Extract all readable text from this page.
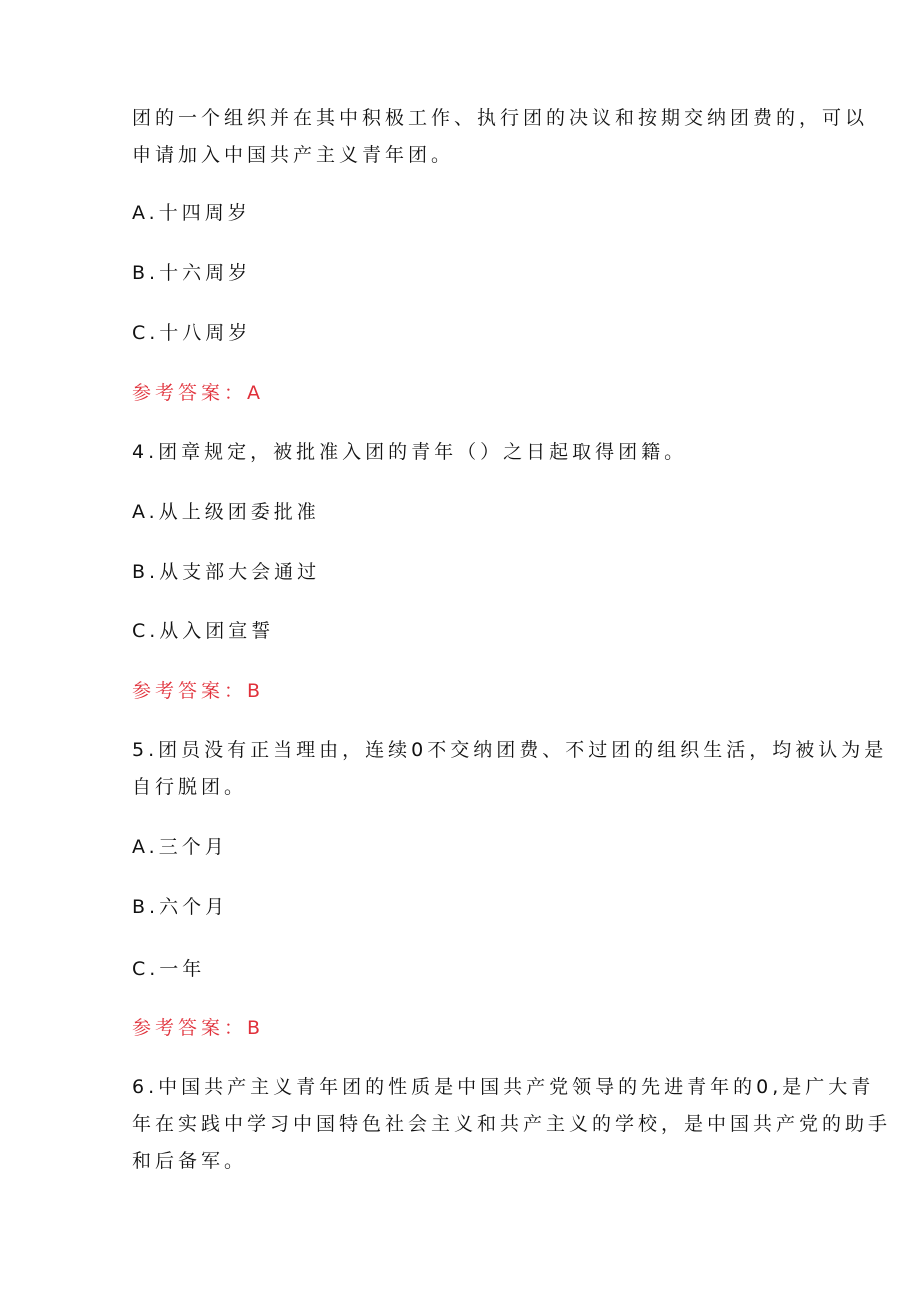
团的一个组织并在其中积极工作、执行团的决议和按期交纳团费的，可以

申请加入中国共产主义青年团。

A.十四周岁

B.十六周岁

C.十八周岁

参考答案：A

4.团章规定，被批准入团的青年（）之日起取得团籍。

A.从上级团委批准

B.从支部大会通过

C.从入团宣誓

参考答案：B

5.团员没有正当理由，连续0不交纳团费、不过团的组织生活，均被认为是

自行脱团。

A.三个月

B.六个月

C.一年

参考答案：B

6.中国共产主义青年团的性质是中国共产党领导的先进青年的0,是广大青

年在实践中学习中国特色社会主义和共产主义的学校，是中国共产党的助手

和后备军。
